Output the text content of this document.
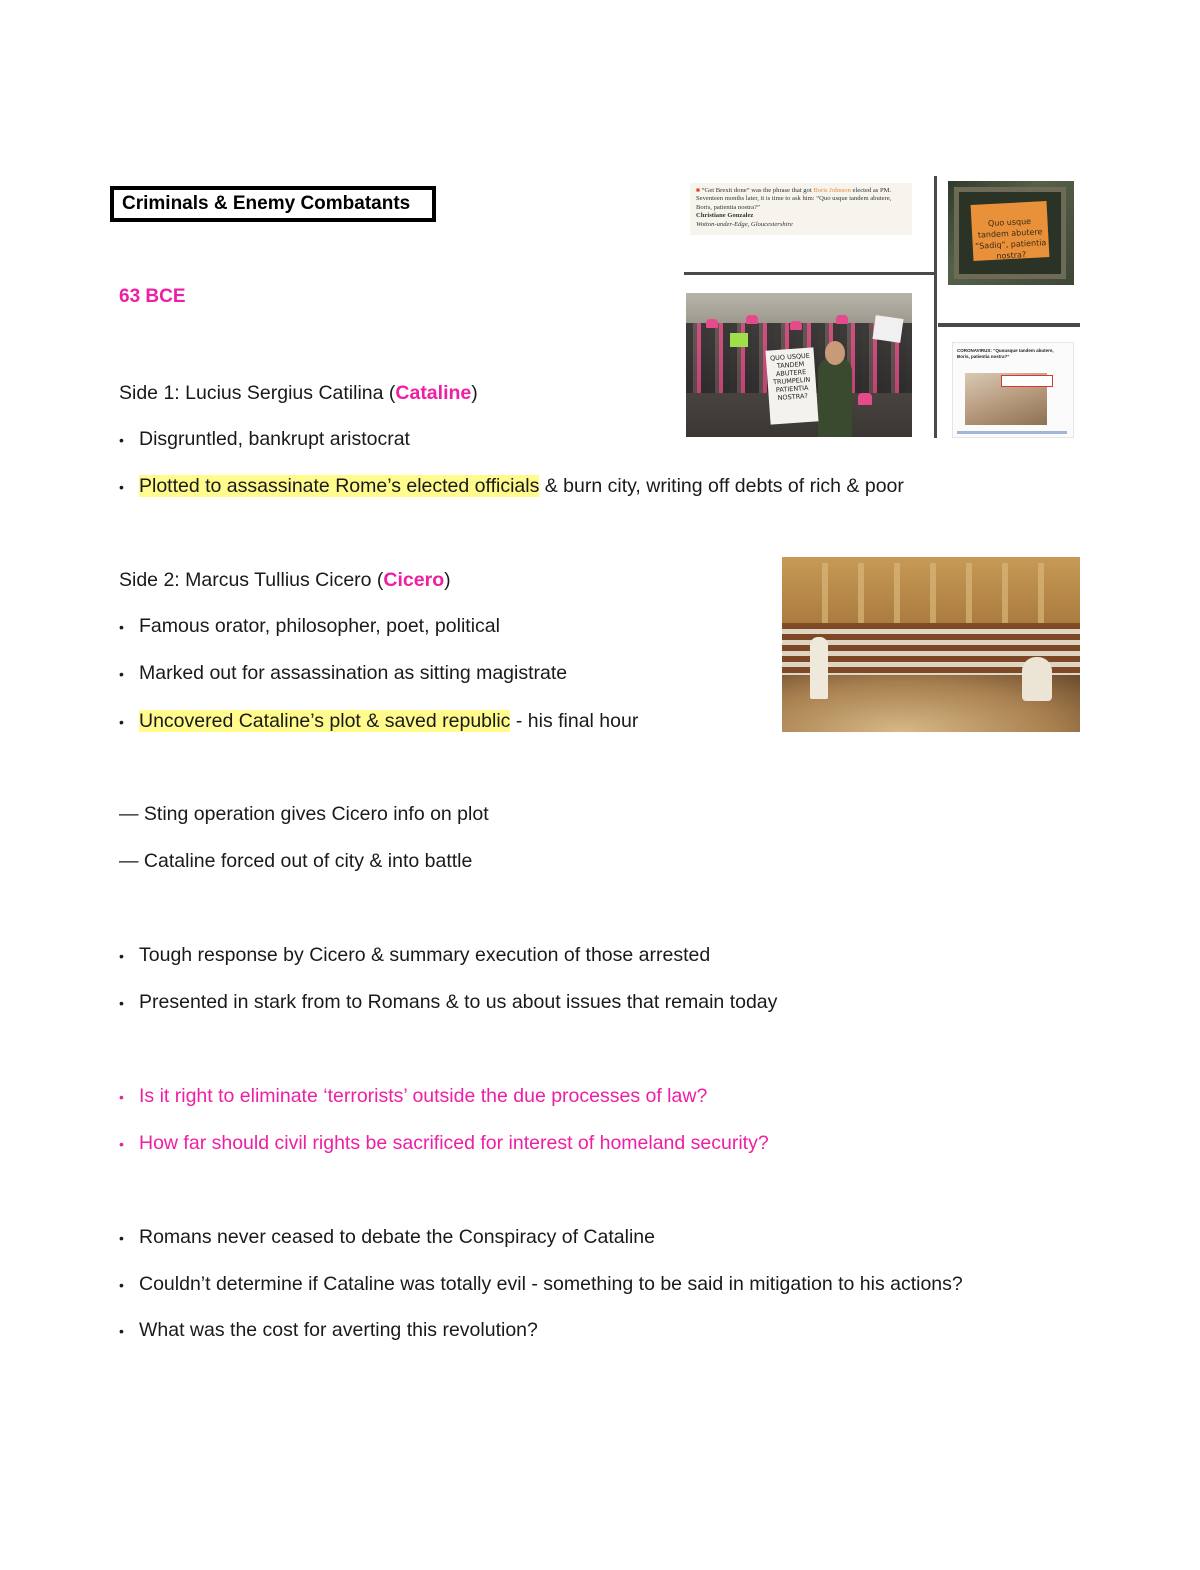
Criminals & Enemy Combatants
63 BCE
Side 1: Lucius Sergius Catilina (Cataline)
• Disgruntled, bankrupt aristocrat
• Plotted to assassinate Rome’s elected officials & burn city, writing off debts of rich & poor
Side 2: Marcus Tullius Cicero (Cicero)
• Famous orator, philosopher, poet, political
• Marked out for assassination as sitting magistrate
• Uncovered Cataline’s plot & saved republic - his final hour
— Sting operation gives Cicero info on plot
— Cataline forced out of city & into battle
• Tough response by Cicero & summary execution of those arrested
• Presented in stark from to Romans & to us about issues that remain today
• Is it right to eliminate ‘terrorists’ outside the due processes of law?
• How far should civil rights be sacrificed for interest of homeland security?
• Romans never ceased to debate the Conspiracy of Cataline
• Couldn’t determine if Cataline was totally evil - something to be said in mitigation to his actions?
• What was the cost for averting this revolution?
■ “Get Brexit done” was the phrase that got Boris Johnson elected as PM. Seventeen months later, it is time to ask him: “Quo usque tandem abutere, Boris, patientia nostra?”
Christiane Gonzalez
Wotton-under-Edge, Gloucestershire	Quo usque tandem abutere “Sadiq”, patientia nostra?
QUO USQUE TANDEM ABUTERE TRUMPELIN PATIENTIA NOSTRA?
CORONAVIRUS: “Quousque tandem abutere, Boris, patientia nostra?”
